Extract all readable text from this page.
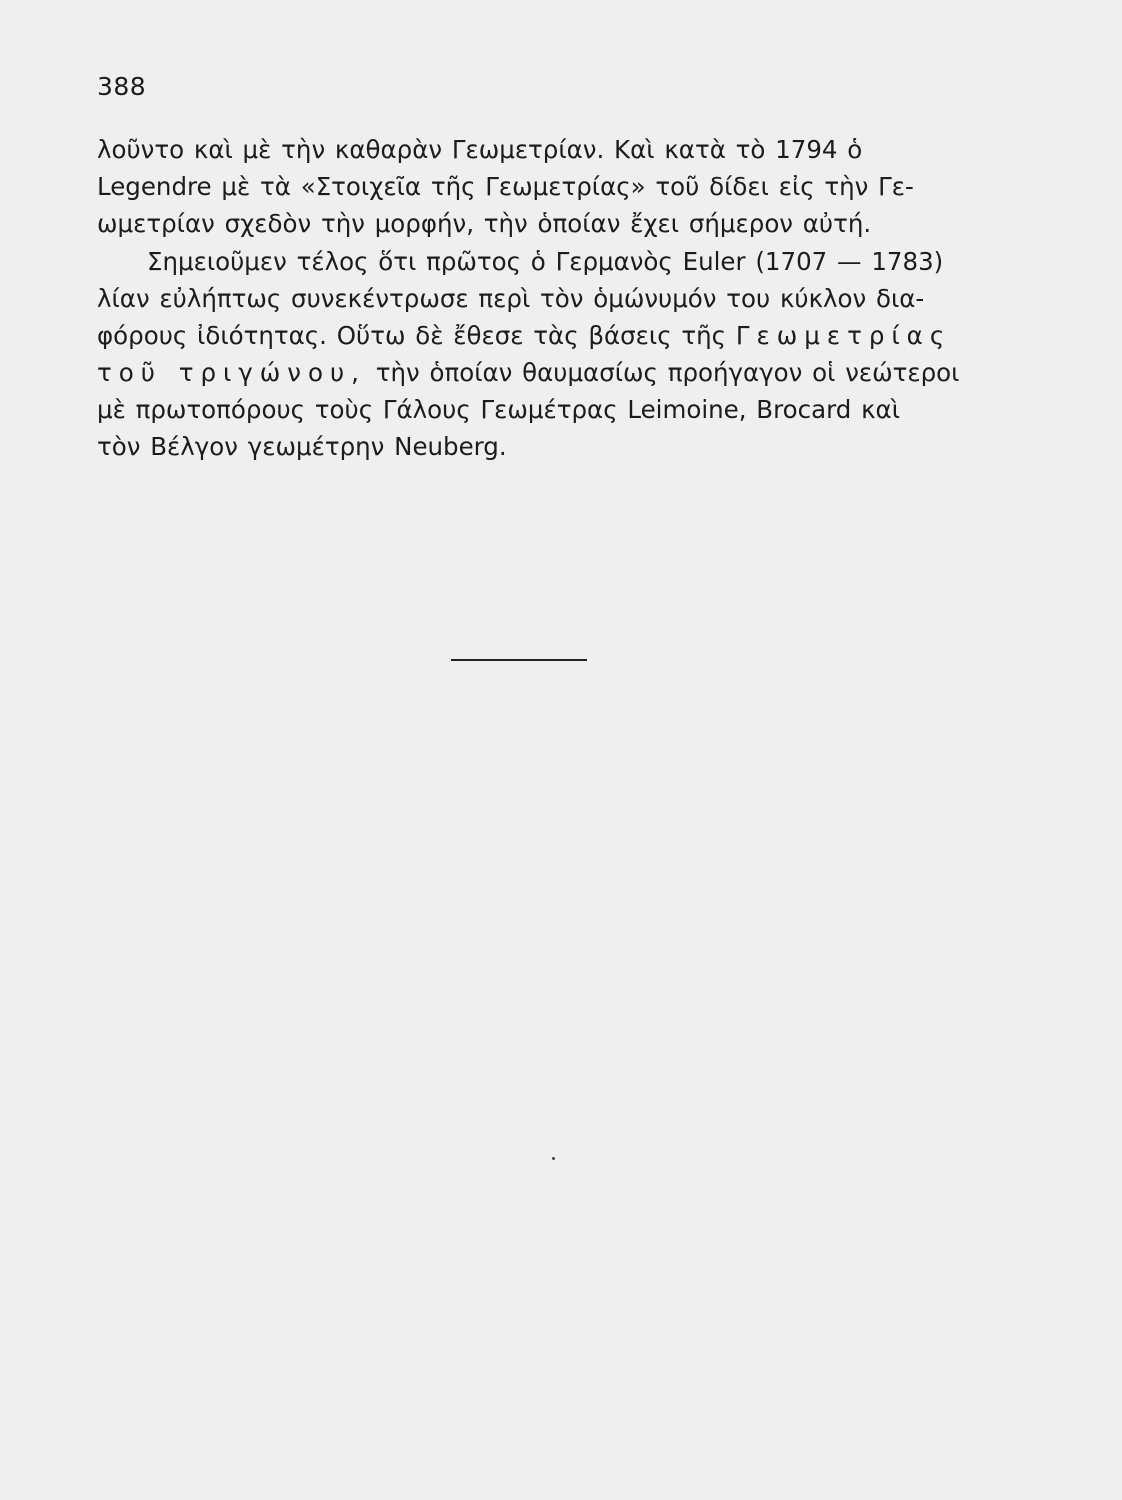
388
λοῦντο καὶ μὲ τὴν καθαρὰν Γεωμετρίαν. Καὶ κατὰ τὸ 1794 ὁ
Legendre μὲ τὰ «Στοιχεῖα τῆς Γεωμετρίας» τοῦ δίδει εἰς τὴν Γε-
ωμετρίαν σχεδὸν τὴν μορφήν, τὴν ὁποίαν ἔχει σήμερον αὐτή.
Σημειοῦμεν τέλος ὅτι πρῶτος ὁ Γερμανὸς Euler (1707 — 1783)
λίαν εὐλήπτως συνεκέντρωσε περὶ τὸν ὁμώνυμόν του κύκλον δια-
φόρους ἰδιότητας. Οὕτω δὲ ἔθεσε τὰς βάσεις τῆς Γεωμετρίας
τοῦ τριγώνου, τὴν ὁποίαν θαυμασίως προήγαγον οἱ νεώτεροι
μὲ πρωτοπόρους τοὺς Γάλους Γεωμέτρας Leimoine, Brocard καὶ
τὸν Βέλγον γεωμέτρην Neuberg.
